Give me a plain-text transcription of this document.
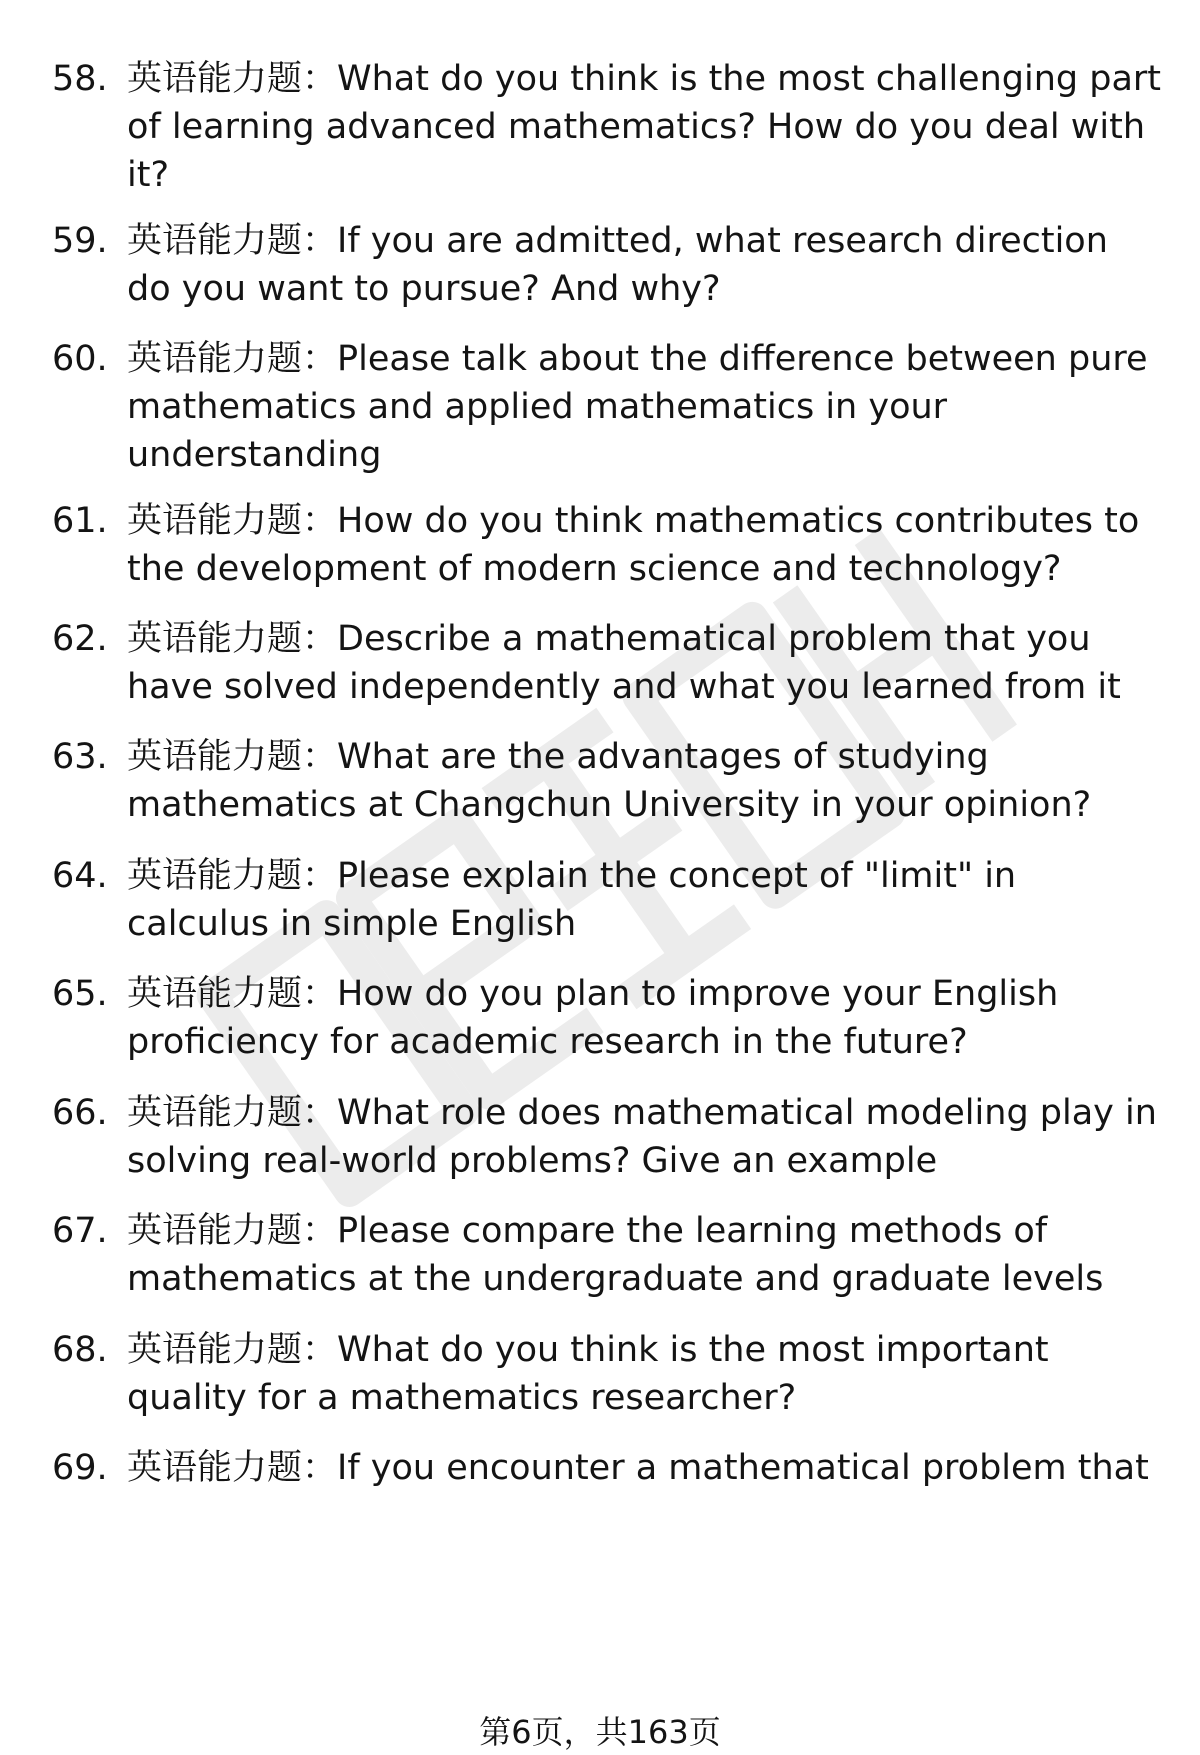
58. 英语能力题：What do you think is the most challenging part of learning advanced mathematics? How do you deal with it?
59. 英语能力题：If you are admitted, what research direction do you want to pursue? And why?
60. 英语能力题：Please talk about the difference between pure mathematics and applied mathematics in your understanding
61. 英语能力题：How do you think mathematics contributes to the development of modern science and technology?
62. 英语能力题：Describe a mathematical problem that you have solved independently and what you learned from it
63. 英语能力题：What are the advantages of studying mathematics at Changchun University in your opinion?
64. 英语能力题：Please explain the concept of "limit" in calculus in simple English
65. 英语能力题：How do you plan to improve your English proficiency for academic research in the future?
66. 英语能力题：What role does mathematical modeling play in solving real-world problems? Give an example
67. 英语能力题：Please compare the learning methods of mathematics at the undergraduate and graduate levels
68. 英语能力题：What do you think is the most important quality for a mathematics researcher?
69. 英语能力题：If you encounter a mathematical problem that
第6页，共163页
